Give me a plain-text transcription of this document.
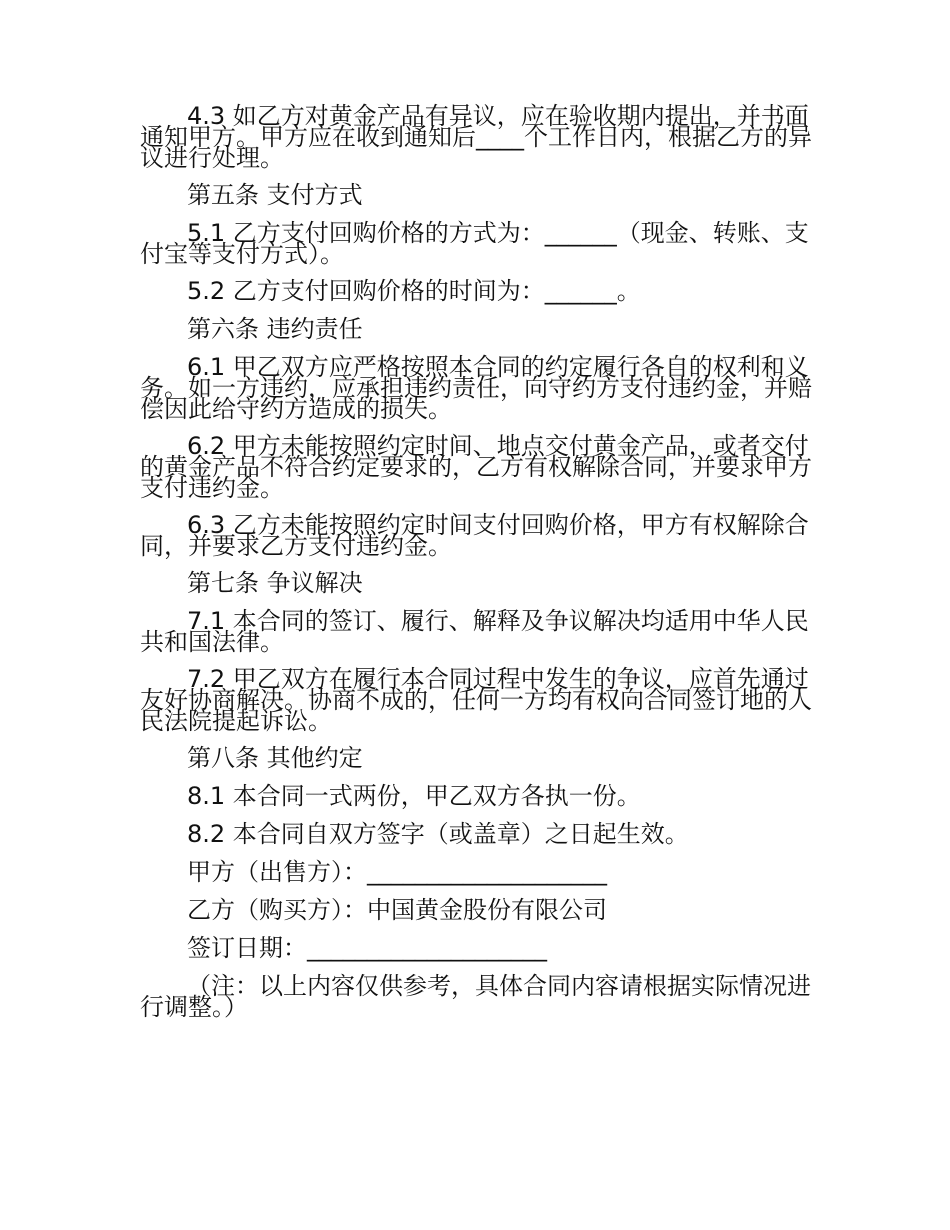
4.3 如乙方对黄金产品有异议，应在验收期内提出，并书面通知甲方。甲方应在收到通知后____个工作日内，根据乙方的异议进行处理。

第五条 支付方式

5.1 乙方支付回购价格的方式为：______（现金、转账、支付宝等支付方式）。

5.2 乙方支付回购价格的时间为：______。

第六条 违约责任

6.1 甲乙双方应严格按照本合同的约定履行各自的权利和义务。如一方违约，应承担违约责任，向守约方支付违约金，并赔偿因此给守约方造成的损失。

6.2 甲方未能按照约定时间、地点交付黄金产品，或者交付的黄金产品不符合约定要求的，乙方有权解除合同，并要求甲方支付违约金。

6.3 乙方未能按照约定时间支付回购价格，甲方有权解除合同，并要求乙方支付违约金。

第七条 争议解决

7.1 本合同的签订、履行、解释及争议解决均适用中华人民共和国法律。

7.2 甲乙双方在履行本合同过程中发生的争议，应首先通过友好协商解决。协商不成的，任何一方均有权向合同签订地的人民法院提起诉讼。

第八条 其他约定

8.1 本合同一式两份，甲乙双方各执一份。

8.2 本合同自双方签字（或盖章）之日起生效。

甲方（出售方）：____________________

乙方（购买方）：中国黄金股份有限公司

签订日期：____________________

（注：以上内容仅供参考，具体合同内容请根据实际情况进行调整。）
